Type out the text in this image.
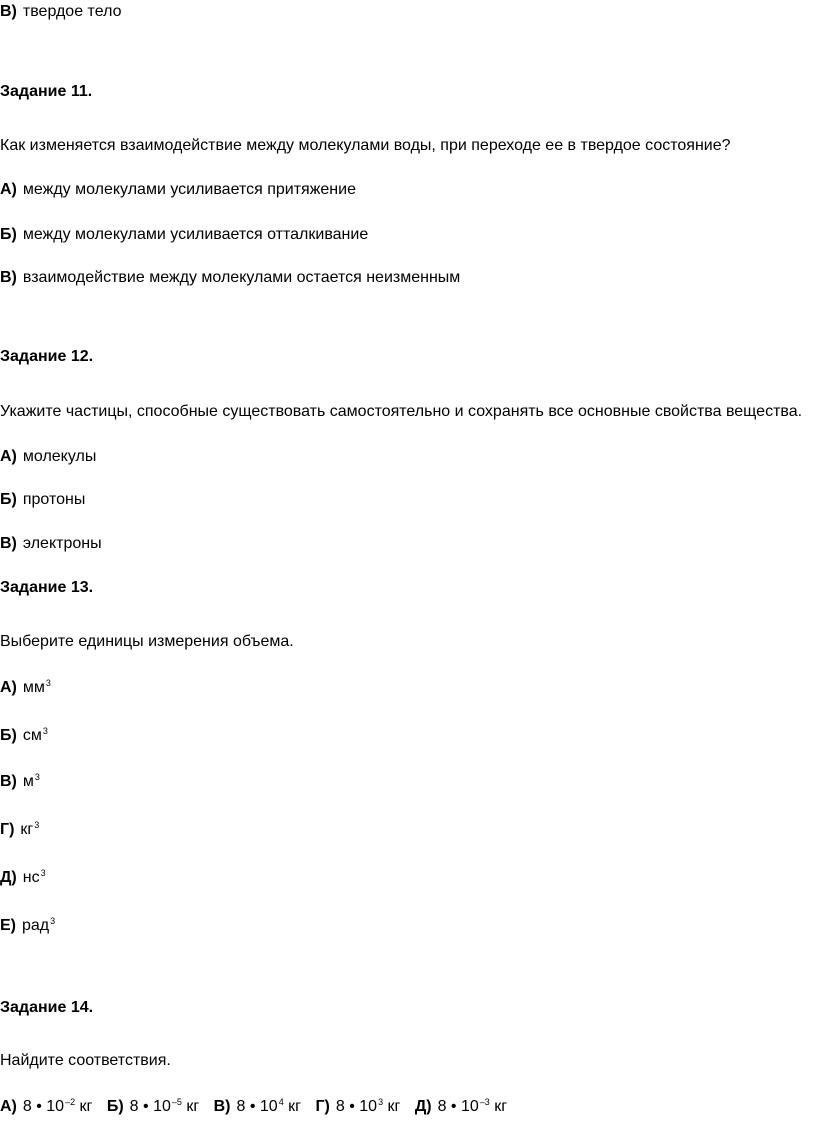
В) твердое тело
Задание 11.
Как изменяется взаимодействие между молекулами воды, при переходе ее в твердое состояние?
А) между молекулами усиливается притяжение
Б) между молекулами усиливается отталкивание
В) взаимодействие между молекулами остается неизменным
Задание 12.
Укажите частицы, способные существовать самостоятельно и сохранять все основные свойства вещества.
А) молекулы
Б) протоны
В) электроны
Задание 13.
Выберите единицы измерения объема.
А) $мм^3$
Б) $см^3$
В) $м^3$
Г) $кг^3$
Д) $нс^3$
Е) рад$^3$
Задание 14.
Найдите соответствия.
А) 8 • $10^{-2}$ кг Б) 8 • $10^{-5}$ кг В) 8 • $10^4$ кг Г) 8 • $10^3$ кг Д) 8 • $10^{-3}$ кг
